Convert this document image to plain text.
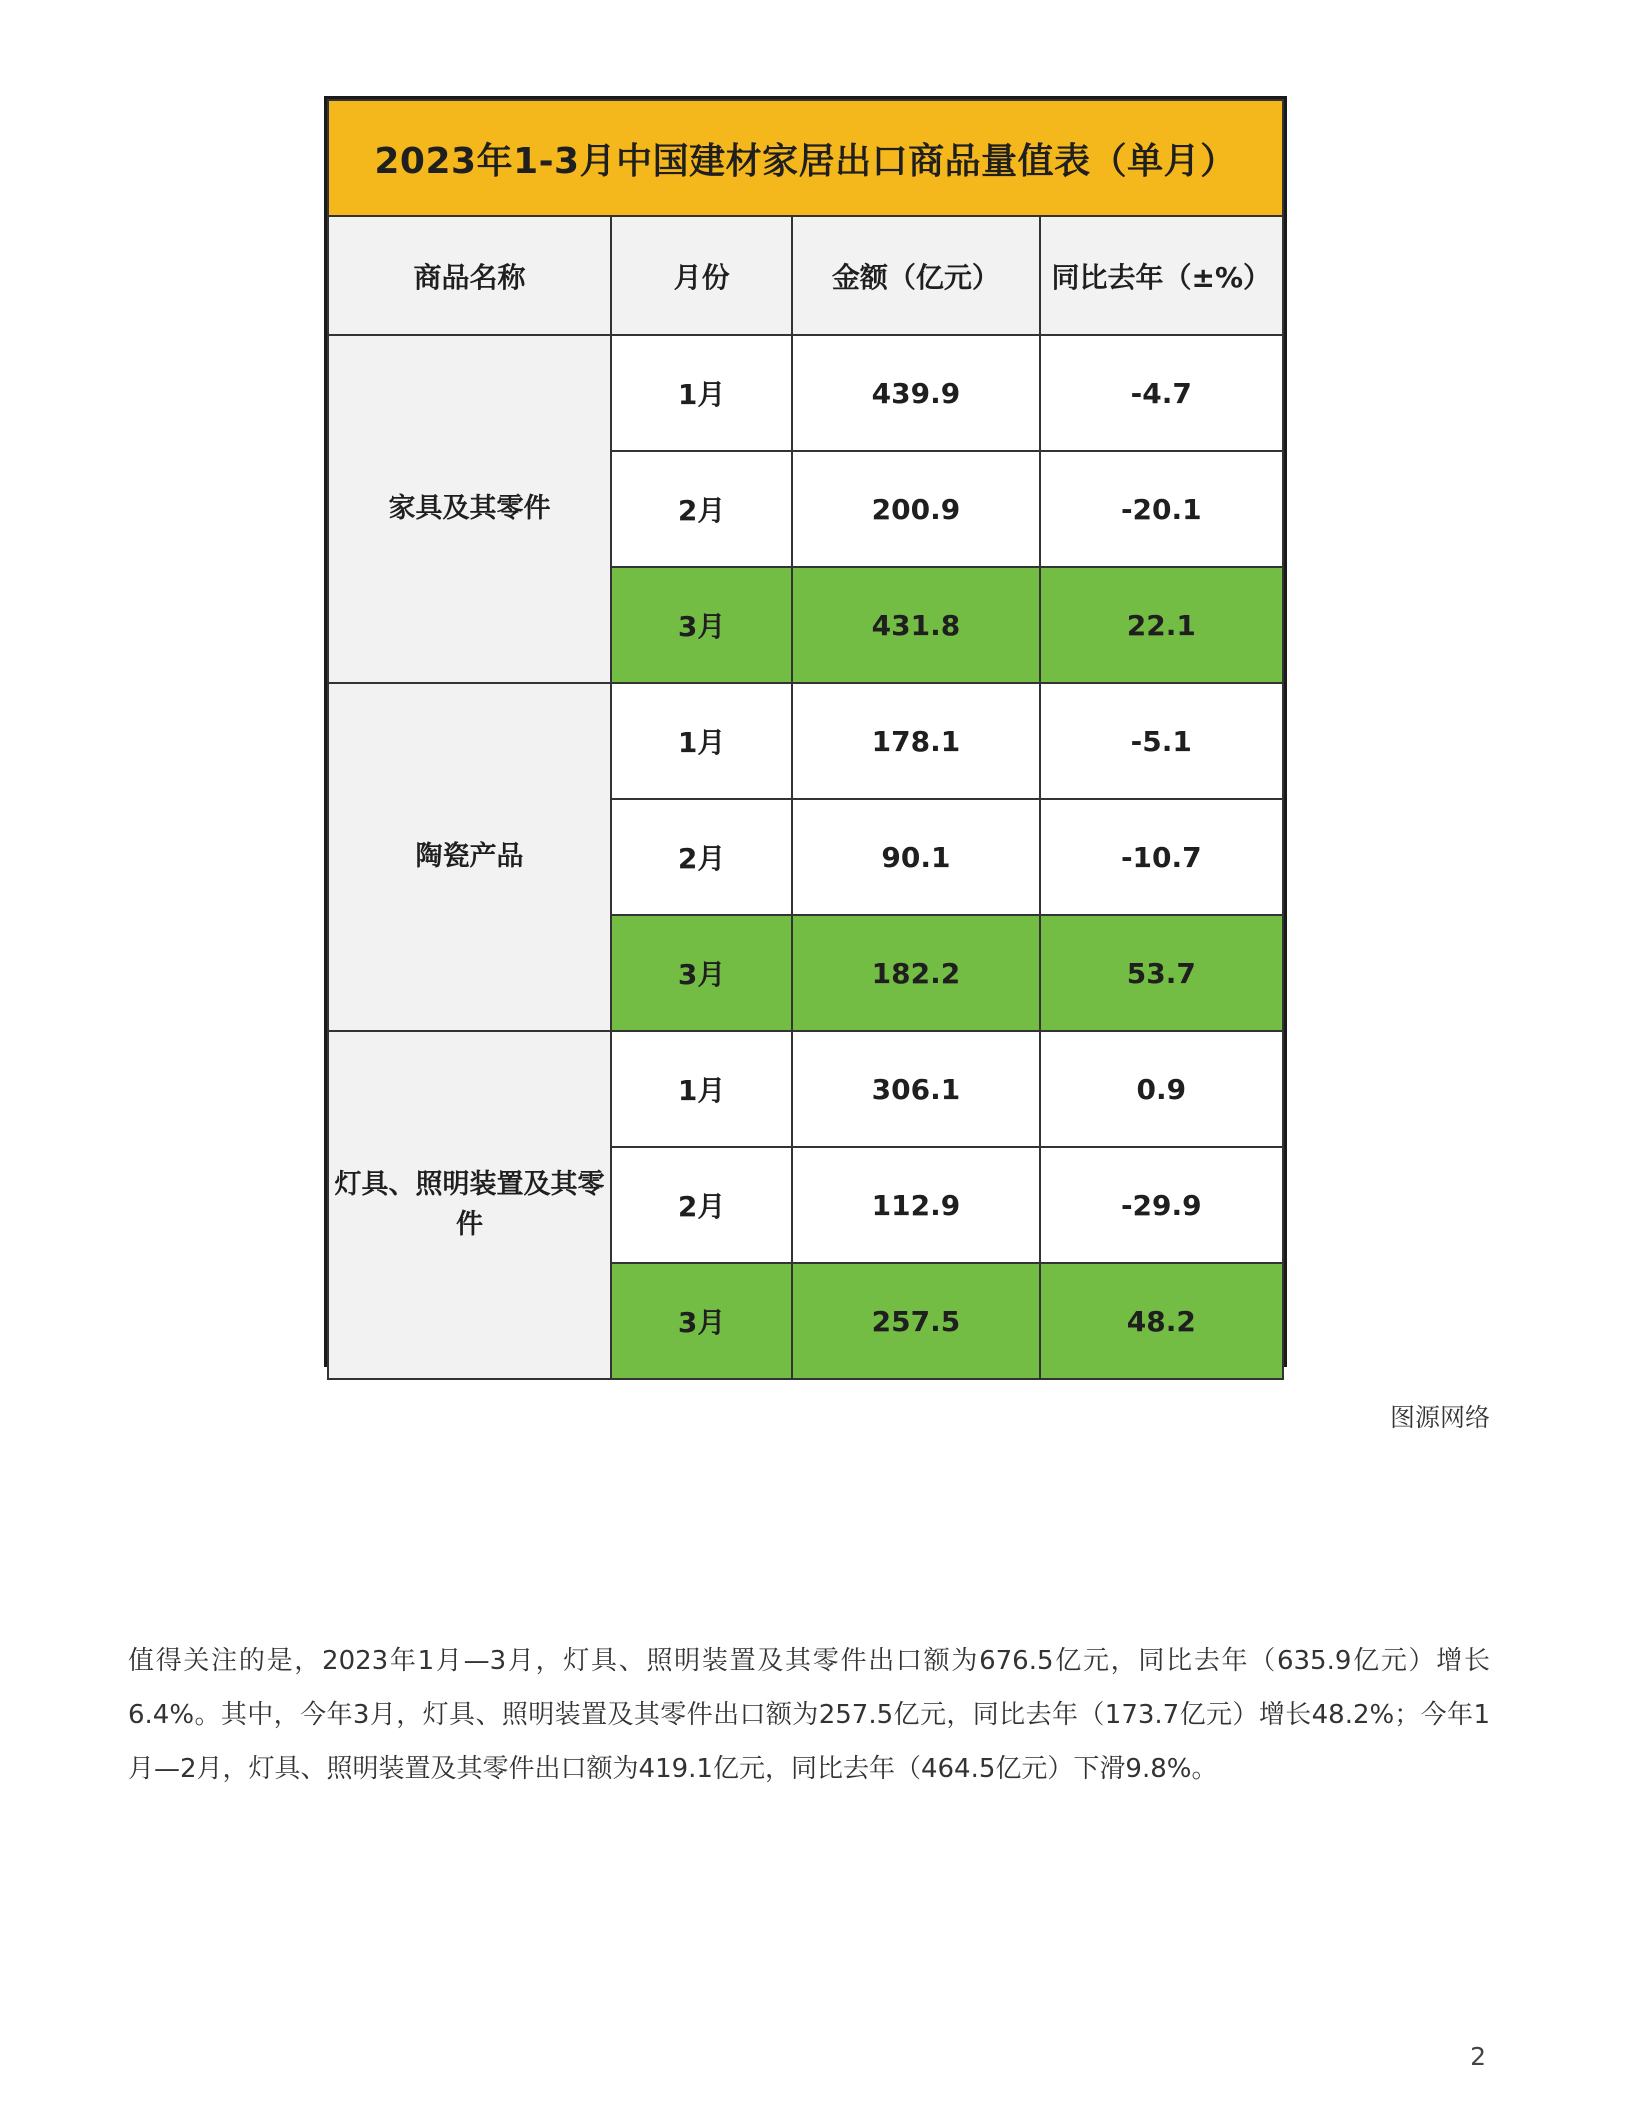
2023年1-3月中国建材家居出口商品量值表（单月）			
商品名称	月份	金额（亿元）	同比去年（±%）
家具及其零件	1月	439.9	-4.7
	2月	200.9	-20.1
	3月	431.8	22.1
陶瓷产品	1月	178.1	-5.1
	2月	90.1	-10.7
	3月	182.2	53.7
灯具、照明装置及其零件	1月	306.1	0.9
	2月	112.9	-29.9
	3月	257.5	48.2
图源网络

值得关注的是，2023年1月—3月，灯具、照明装置及其零件出口额为676.5亿元，同比去年（635.9亿元）增长6.4%。其中，今年3月，灯具、照明装置及其零件出口额为257.5亿元，同比去年（173.7亿元）增长48.2%；今年1月—2月，灯具、照明装置及其零件出口额为419.1亿元，同比去年（464.5亿元）下滑9.8%。

2
